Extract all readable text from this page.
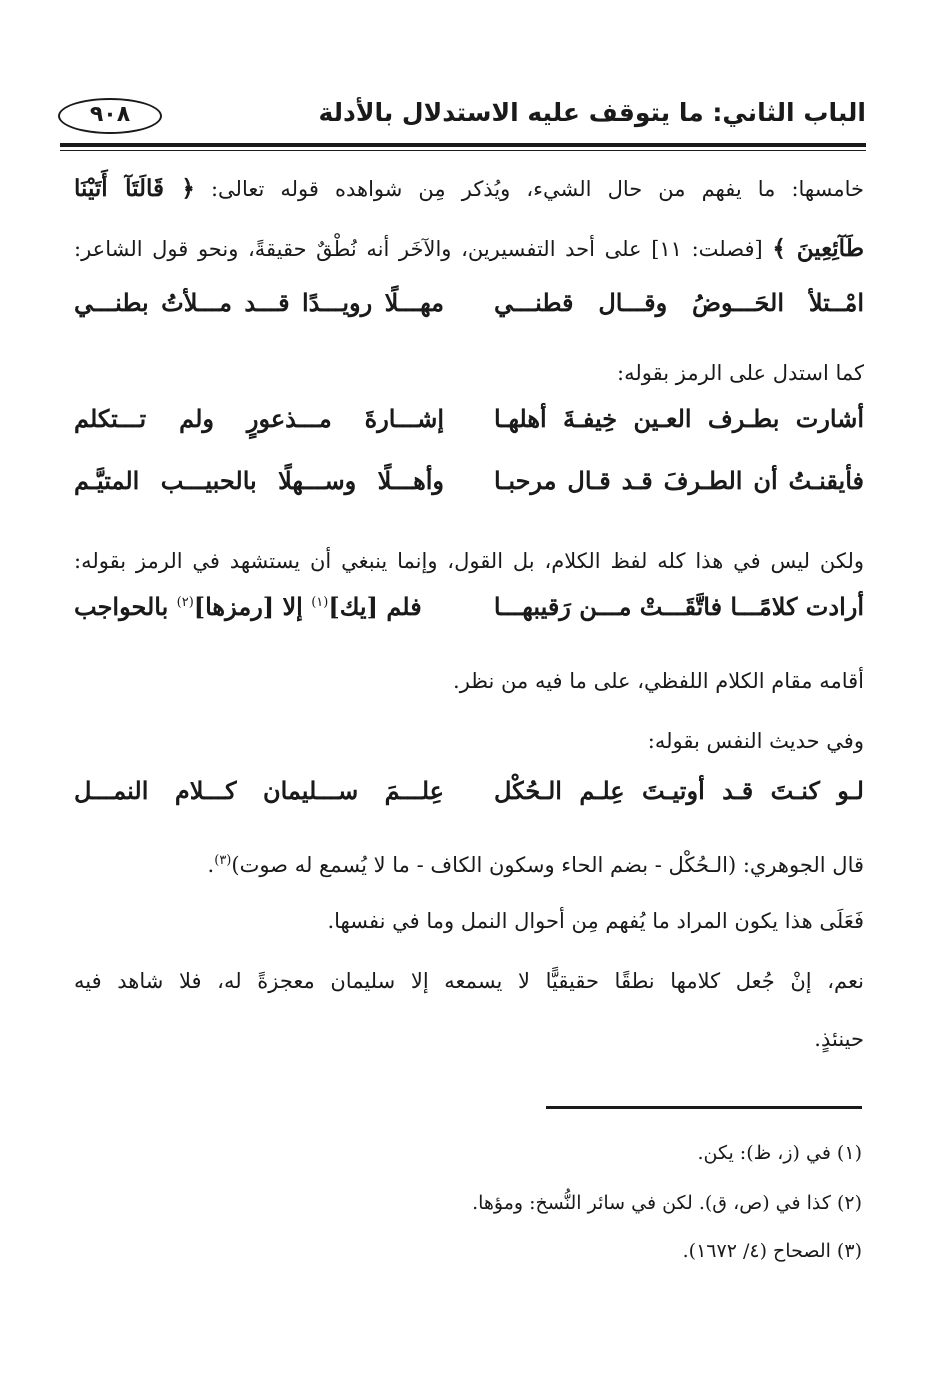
الباب الثاني: ما يتوقف عليه الاستدلال بالأدلة
٩٠٨
خامسها: ما يفهم من حال الشيء، ويُذكر مِن شواهده قوله تعالى: ﴿ قَالَتَآ أَتَيْنَا
طَآئِعِينَ ﴾ [فصلت: ١١] على أحد التفسيرين، والآخَر أنه نُطْقٌ حقيقةً، ونحو قول الشاعر:
امْــتلأ الحَـــوضُ وقـــال قطنـــي
مهـــلًا رويـــدًا قـــد مـــلأتُ بطنـــي
كما استدل على الرمز بقوله:
أشارت بطـرف العـين خِيفـةَ أهلهـا
إشـــارةَ مـــذعورٍ ولم تـــتكلم
فأيقنـتُ أن الطـرفَ قـد قـال مرحبـا
وأهـــلًا وســـهلًا بالحبيـــب المتيَّـم
ولكن ليس في هذا كله لفظ الكلام، بل القول، وإنما ينبغي أن يستشهد في الرمز بقوله:
أرادت كلامًـــا فاتَّقَـــتْ مـــن رَقيبهـــا
فلم [يك]$^{(١)}$ إلا [رمزها]$^{(٢)}$ بالحواجب
أقامه مقام الكلام اللفظي، على ما فيه من نظر.
وفي حديث النفس بقوله:
لـو كنـتَ قـد أوتيـتَ عِلـم الـحُكْل
عِلـــمَ ســـليمان كـــلام النمـــل
قال الجوهري: (الـحُكْل - بضم الحاء وسكون الكاف - ما لا يُسمع له صوت)$^{(٣)}$.
فَعَلَى هذا يكون المراد ما يُفهم مِن أحوال النمل وما في نفسها.
نعم، إنْ جُعل كلامها نطقًا حقيقيًّا لا يسمعه إلا سليمان معجزةً له، فلا شاهد فيه
حينئذٍ.
(١) في (ز، ظ): يكن.
(٢) كذا في (ص، ق). لكن في سائر النُّسخ: ومؤها.
(٣) الصحاح (٤/ ١٦٧٢).
